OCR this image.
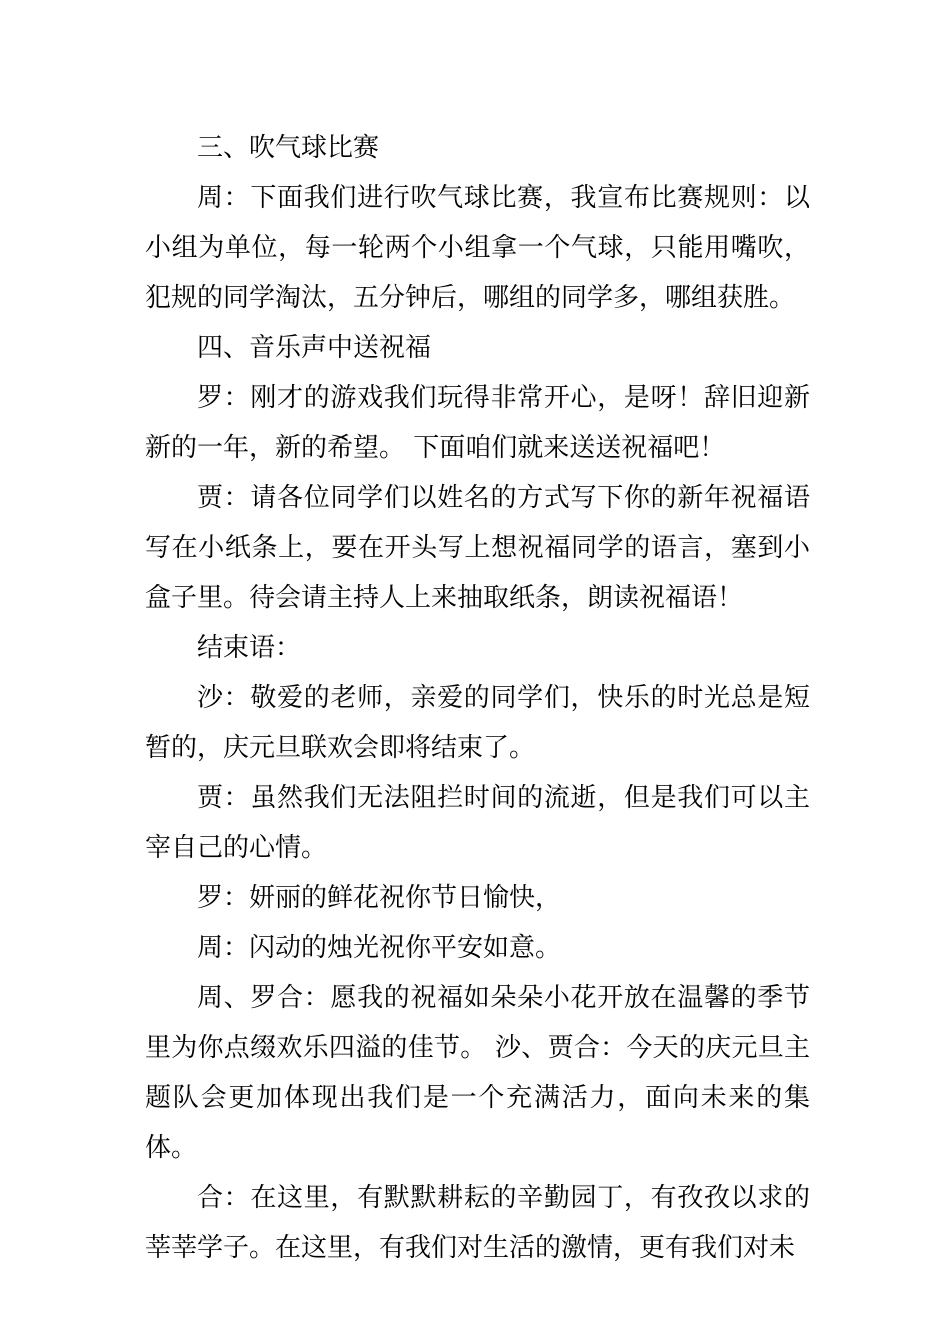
三、吹气球比赛

周：下面我们进行吹气球比赛，我宣布比赛规则：以小组为单位，每一轮两个小组拿一个气球，只能用嘴吹，犯规的同学淘汰，五分钟后，哪组的同学多，哪组获胜。

四、音乐声中送祝福

罗：刚才的游戏我们玩得非常开心，是呀！辞旧迎新新的一年，新的希望。 下面咱们就来送送祝福吧！

贾：请各位同学们以姓名的方式写下你的新年祝福语写在小纸条上，要在开头写上想祝福同学的语言，塞到小盒子里。待会请主持人上来抽取纸条，朗读祝福语！

结束语：

沙：敬爱的老师，亲爱的同学们，快乐的时光总是短暂的，庆元旦联欢会即将结束了。

贾：虽然我们无法阻拦时间的流逝，但是我们可以主宰自己的心情。

罗：妍丽的鲜花祝你节日愉快，

周：闪动的烛光祝你平安如意。

周、罗合：愿我的祝福如朵朵小花开放在温馨的季节里为你点缀欢乐四溢的佳节。 沙、贾合：今天的庆元旦主题队会更加体现出我们是一个充满活力，面向未来的集体。

合：在这里，有默默耕耘的辛勤园丁，有孜孜以求的莘莘学子。在这里，有我们对生活的激情，更有我们对未
